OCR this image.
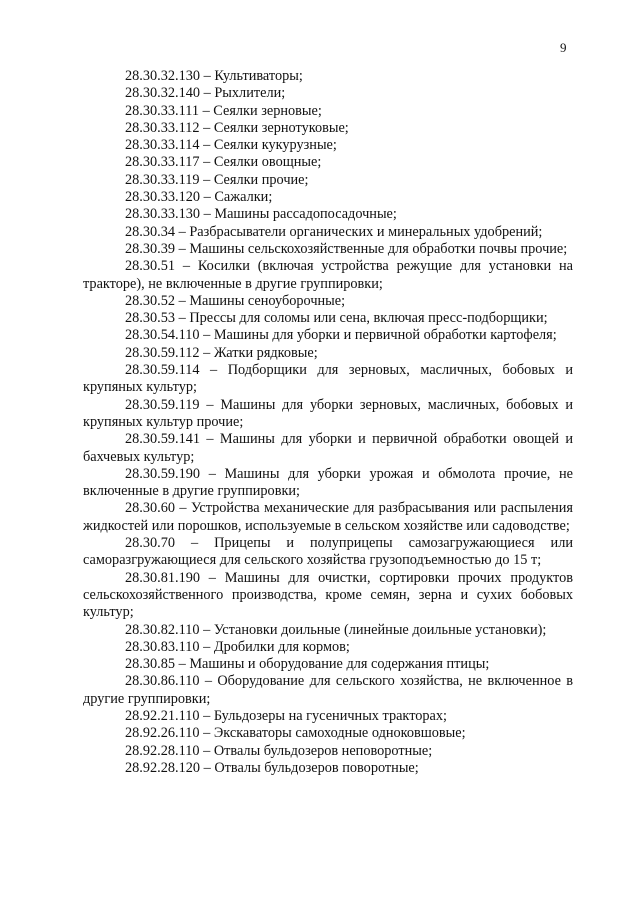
9

28.30.32.130 – Культиваторы;

28.30.32.140 – Рыхлители;

28.30.33.111 – Сеялки зерновые;

28.30.33.112 – Сеялки зернотуковые;

28.30.33.114 – Сеялки кукурузные;

28.30.33.117 – Сеялки овощные;

28.30.33.119 – Сеялки прочие;

28.30.33.120 – Сажалки;

28.30.33.130 – Машины рассадопосадочные;

28.30.34 – Разбрасыватели органических и минеральных удобрений;

28.30.39 – Машины сельскохозяйственные для обработки почвы прочие;

28.30.51 – Косилки (включая устройства режущие для установки на тракторе), не включенные в другие группировки;

28.30.52 – Машины сеноуборочные;

28.30.53 – Прессы для соломы или сена, включая пресс-подборщики;

28.30.54.110 – Машины для уборки и первичной обработки картофеля;

28.30.59.112 – Жатки рядковые;

28.30.59.114 – Подборщики для зерновых, масличных, бобовых и крупяных культур;

28.30.59.119 – Машины для уборки зерновых, масличных, бобовых и крупяных культур прочие;

28.30.59.141 – Машины для уборки и первичной обработки овощей и бахчевых культур;

28.30.59.190 – Машины для уборки урожая и обмолота прочие, не включенные в другие группировки;

28.30.60 – Устройства механические для разбрасывания или распыления жидкостей или порошков, используемые в сельском хозяйстве или садоводстве;

28.30.70 – Прицепы и полуприцепы самозагружающиеся или саморазгружающиеся для сельского хозяйства грузоподъемностью до 15 т;

28.30.81.190 – Машины для очистки, сортировки прочих продуктов сельскохозяйственного производства, кроме семян, зерна и сухих бобовых культур;

28.30.82.110 – Установки доильные (линейные доильные установки);

28.30.83.110 – Дробилки для кормов;

28.30.85 – Машины и оборудование для содержания птицы;

28.30.86.110 – Оборудование для сельского хозяйства, не включенное в другие группировки;

28.92.21.110 – Бульдозеры на гусеничных тракторах;

28.92.26.110 – Экскаваторы самоходные одноковшовые;

28.92.28.110 – Отвалы бульдозеров неповоротные;

28.92.28.120 – Отвалы бульдозеров поворотные;
